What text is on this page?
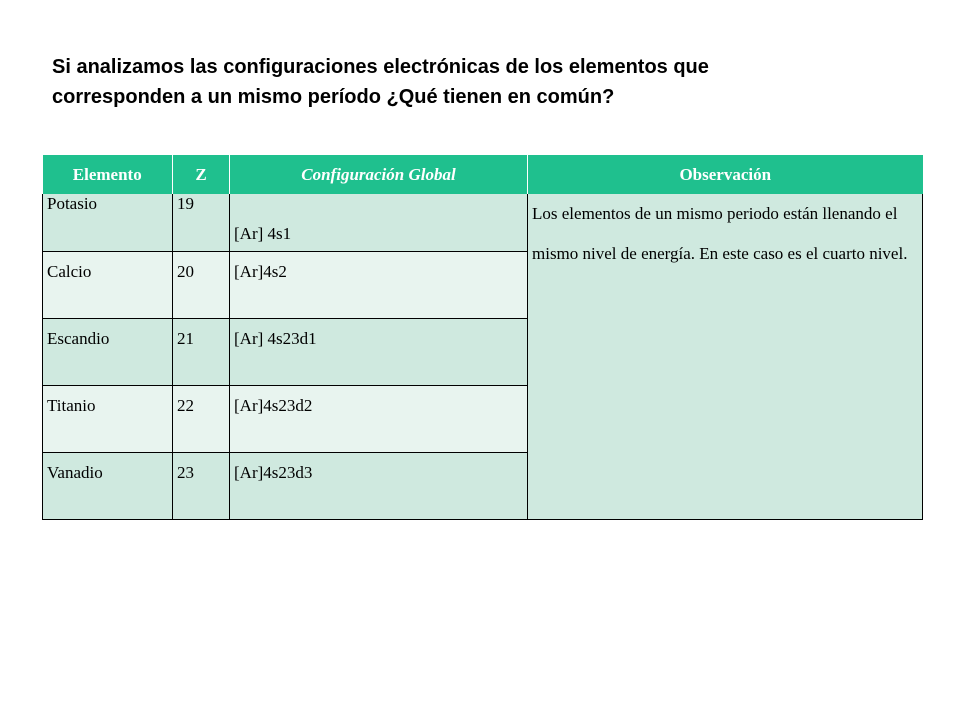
Si analizamos las configuraciones electrónicas de los elementos que
corresponden a un mismo período ¿Qué tienen en común?
Elemento	Z	Configuración Global	Observación
Potasio	19	[Ar] 4s1	Los elementos de un mismo periodo están llenando el mismo nivel de energía. En este caso es el cuarto nivel.
Calcio	20	[Ar]4s2	
Escandio	21	[Ar] 4s23d1	
Titanio	22	[Ar]4s23d2	
Vanadio	23	[Ar]4s23d3	
